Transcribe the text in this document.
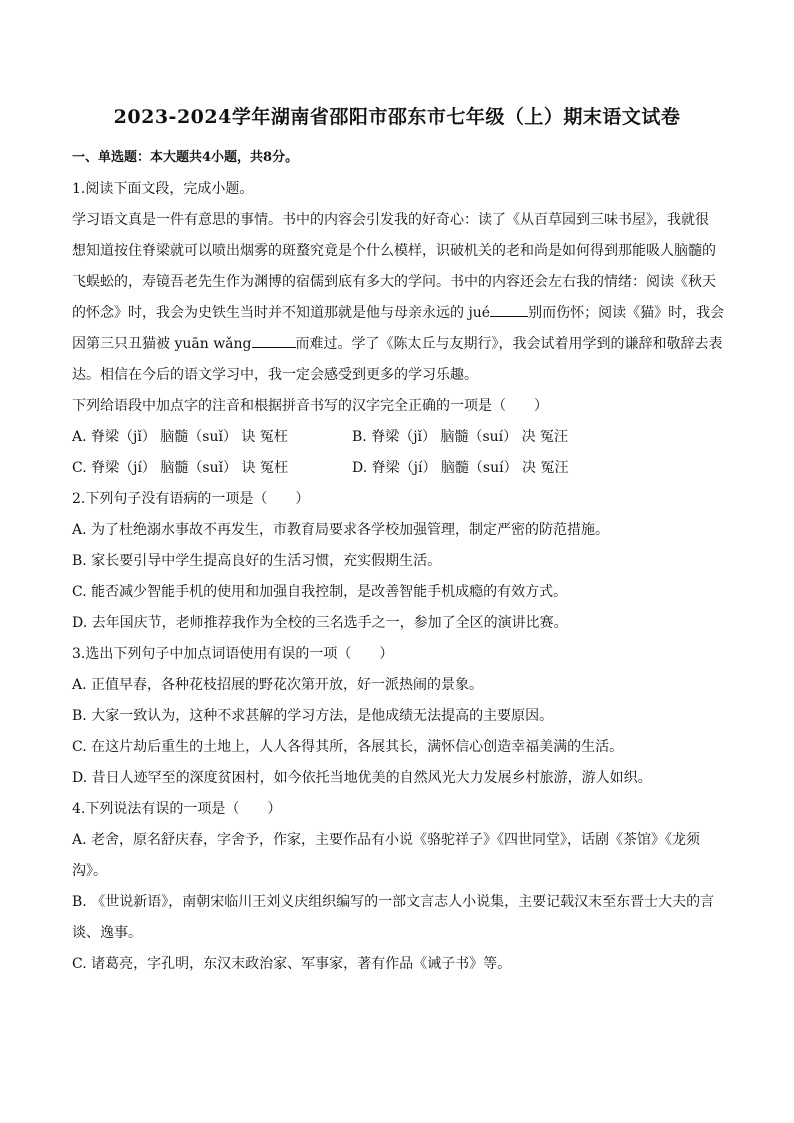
2023-2024学年湖南省邵阳市邵东市七年级（上）期末语文试卷
一、单选题：本大题共4小题，共8分。
1.阅读下面文段，完成小题。
学习语文真是一件有意思的事情。书中的内容会引发我的好奇心：读了《从百草园到三味书屋》，我就很
想知道按住脊梁就可以喷出烟雾的斑蝥究竟是个什么模样，识破机关的老和尚是如何得到那能吸人脑髓的
飞蜈蚣的，寿镜吾老先生作为渊博的宿儒到底有多大的学问。书中的内容还会左右我的情绪：阅读《秋天
的怀念》时，我会为史铁生当时并不知道那就是他与母亲永远的 jué	别而伤怀；阅读《猫》时，我会
因第三只丑猫被 yuān wǎng	而难过。学了《陈太丘与友期行》，我会试着用学到的谦辞和敬辞去表
达。相信在今后的语文学习中，我一定会感受到更多的学习乐趣。
下列给语段中加点字的注音和根据拼音书写的汉字完全正确的一项是（　　）
A. 脊梁（jǐ） 脑髓（suǐ） 诀 冤枉	B. 脊梁（jǐ） 脑髓（suí） 决 冤汪
C. 脊梁（jí） 脑髓（suǐ） 诀 冤枉	D. 脊梁（jí） 脑髓（suí） 决 冤汪
2.下列句子没有语病的一项是（　　）
A. 为了杜绝溺水事故不再发生，市教育局要求各学校加强管理，制定严密的防范措施。
B. 家长要引导中学生提高良好的生活习惯，充实假期生活。
C. 能否减少智能手机的使用和加强自我控制，是改善智能手机成瘾的有效方式。
D. 去年国庆节，老师推荐我作为全校的三名选手之一，参加了全区的演讲比赛。
3.选出下列句子中加点词语使用有误的一项（　　）
A. 正值早春，各种花枝招展的野花次第开放，好一派热闹的景象。
B. 大家一致认为，这种不求甚解的学习方法，是他成绩无法提高的主要原因。
C. 在这片劫后重生的土地上，人人各得其所，各展其长，满怀信心创造幸福美满的生活。
D. 昔日人迹罕至的深度贫困村，如今依托当地优美的自然风光大力发展乡村旅游，游人如织。
4.下列说法有误的一项是（　　）
A. 老舍，原名舒庆春，字舍予，作家，主要作品有小说《骆驼祥子》《四世同堂》，话剧《茶馆》《龙须
沟》。
B. 《世说新语》，南朝宋临川王刘义庆组织编写的一部文言志人小说集，主要记载汉末至东晋士大夫的言
谈、逸事。
C. 诸葛亮，字孔明，东汉末政治家、军事家，著有作品《诫子书》等。
